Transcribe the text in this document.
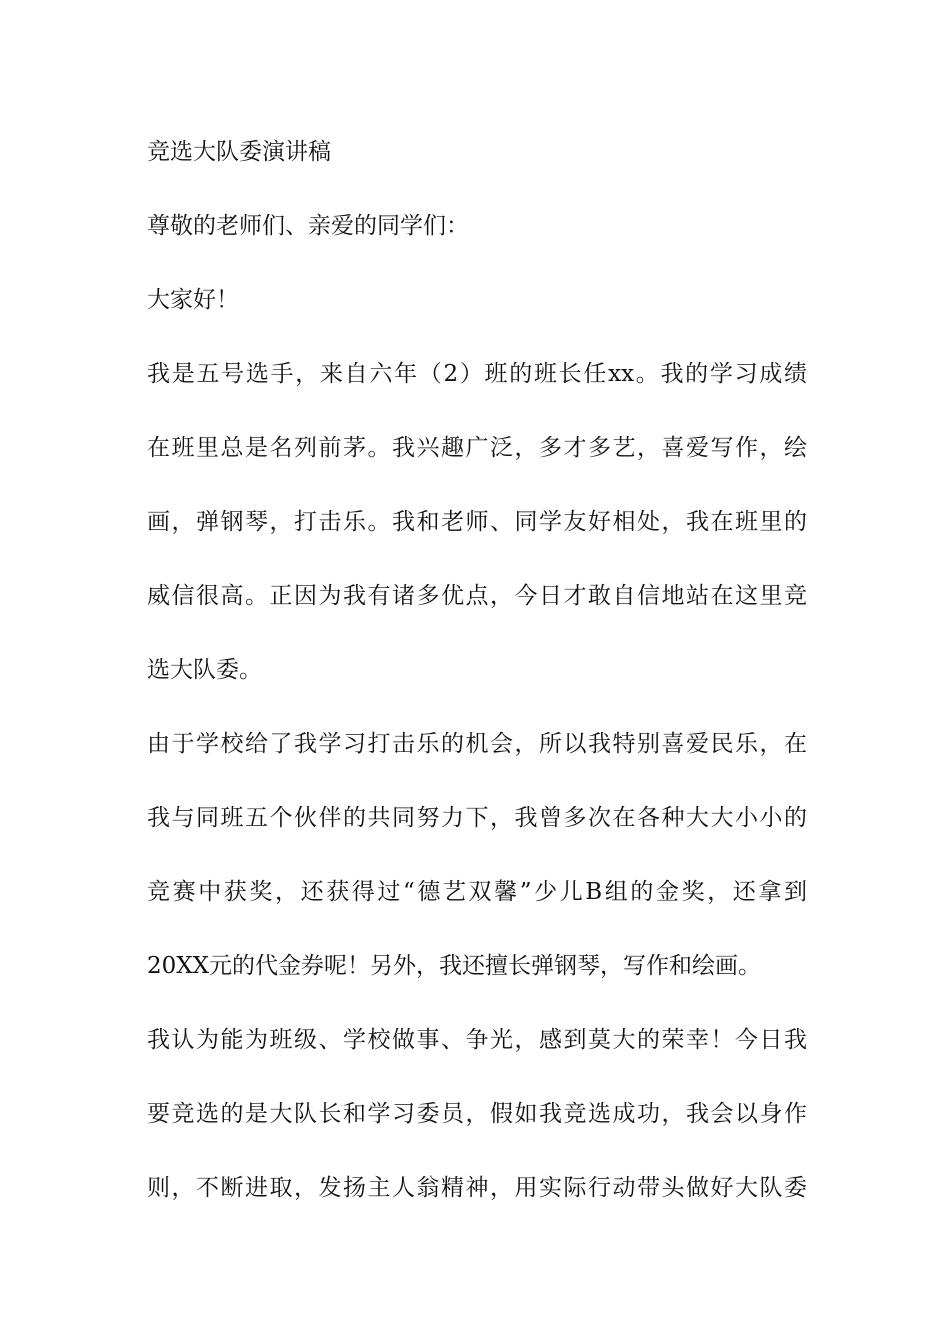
竞选大队委演讲稿
尊敬的老师们、亲爱的同学们：
大家好！
我是五号选手，来自六年（2）班的班长任xx。我的学习成绩
在班里总是名列前茅。我兴趣广泛，多才多艺，喜爱写作，绘
画，弹钢琴，打击乐。我和老师、同学友好相处，我在班里的
威信很高。正因为我有诸多优点，今日才敢自信地站在这里竞
选大队委。
由于学校给了我学习打击乐的机会，所以我特别喜爱民乐，在
我与同班五个伙伴的共同努力下，我曾多次在各种大大小小的
竞赛中获奖，还获得过“德艺双馨”少儿B组的金奖，还拿到
20XX元的代金券呢！另外，我还擅长弹钢琴，写作和绘画。
我认为能为班级、学校做事、争光，感到莫大的荣幸！今日我
要竞选的是大队长和学习委员，假如我竞选成功，我会以身作
则，不断进取，发扬主人翁精神，用实际行动带头做好大队委
